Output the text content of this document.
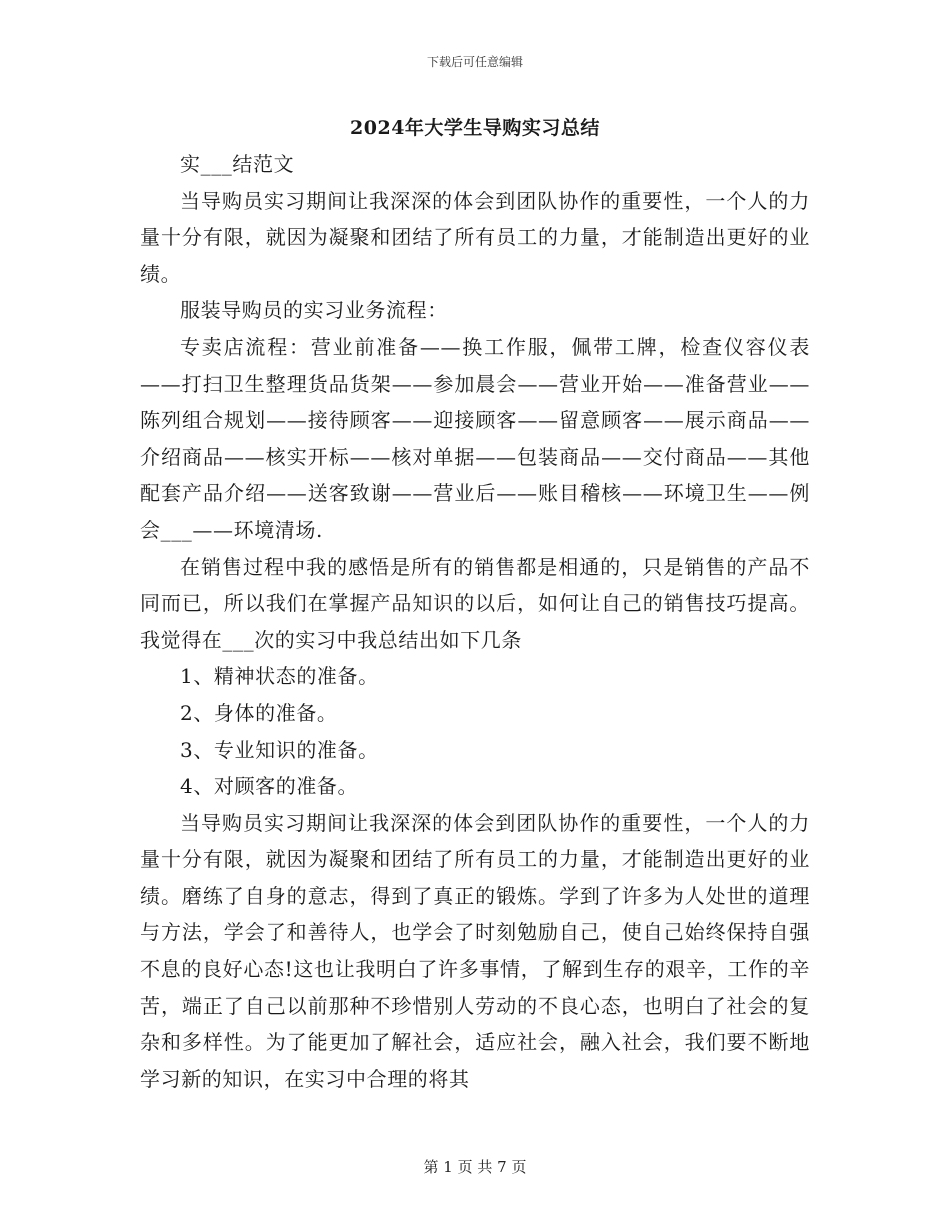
下载后可任意编辑
2024年大学生导购实习总结

实___结范文

当导购员实习期间让我深深的体会到团队协作的重要性，一个人的力量十分有限，就因为凝聚和团结了所有员工的力量，才能制造出更好的业绩。

服装导购员的实习业务流程：

专卖店流程：营业前准备——换工作服，佩带工牌，检查仪容仪表——打扫卫生整理货品货架——参加晨会——营业开始——准备营业——陈列组合规划——接待顾客——迎接顾客——留意顾客——展示商品——介绍商品——核实开标——核对单据——包装商品——交付商品——其他配套产品介绍——送客致谢——营业后——账目稽核——环境卫生——例会___——环境清场.

在销售过程中我的感悟是所有的销售都是相通的，只是销售的产品不同而已，所以我们在掌握产品知识的以后，如何让自己的销售技巧提高。我觉得在___次的实习中我总结出如下几条

1、精神状态的准备。

2、身体的准备。

3、专业知识的准备。

4、对顾客的准备。

当导购员实习期间让我深深的体会到团队协作的重要性，一个人的力量十分有限，就因为凝聚和团结了所有员工的力量，才能制造出更好的业绩。磨练了自身的意志，得到了真正的锻炼。学到了许多为人处世的道理与方法，学会了和善待人，也学会了时刻勉励自己，使自己始终保持自强不息的良好心态!这也让我明白了许多事情，了解到生存的艰辛，工作的辛苦，端正了自己以前那种不珍惜别人劳动的不良心态，也明白了社会的复杂和多样性。为了能更加了解社会，适应社会，融入社会，我们要不断地学习新的知识，在实习中合理的将其

第 1 页 共 7 页
